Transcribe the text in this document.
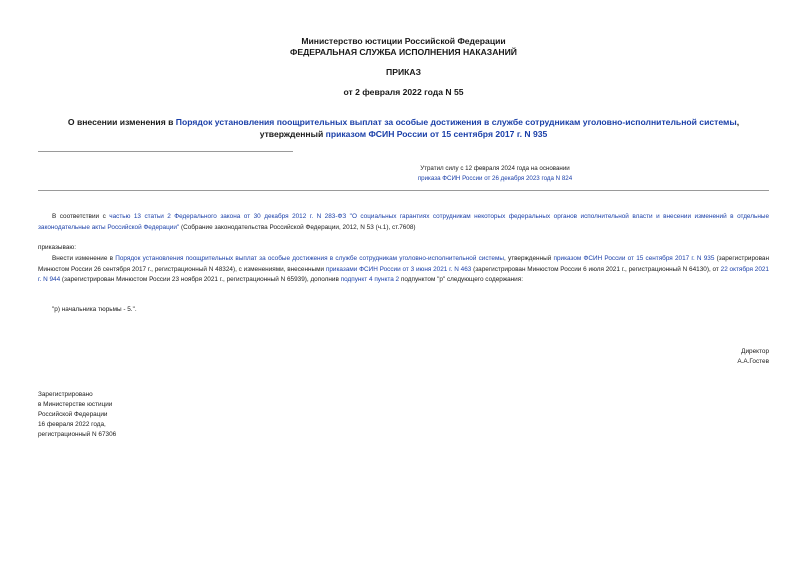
Министерство юстиции Российской Федерации
ФЕДЕРАЛЬНАЯ СЛУЖБА ИСПОЛНЕНИЯ НАКАЗАНИЙ
ПРИКАЗ
от 2 февраля 2022 года N 55
О внесении изменения в Порядок установления поощрительных выплат за особые достижения в службе сотрудникам уголовно-исполнительной системы, утвержденный приказом ФСИН России от 15 сентября 2017 г. N 935
Утратил силу с 12 февраля 2024 года на основании
приказа ФСИН России от 26 декабря 2023 года N 824
В соответствии с частью 13 статьи 2 Федерального закона от 30 декабря 2012 г. N 283-ФЗ "О социальных гарантиях сотрудникам некоторых федеральных органов исполнительной власти и внесении изменений в отдельные законодательные акты Российской Федерации" (Собрание законодательства Российской Федерации, 2012, N 53 (ч.1), ст.7608)
приказываю:
Внести изменение в Порядок установления поощрительных выплат за особые достижения в службе сотрудникам уголовно-исполнительной системы, утвержденный приказом ФСИН России от 15 сентября 2017 г. N 935 (зарегистрирован Минюстом России 26 сентября 2017 г., регистрационный N 48324), с изменениями, внесенными приказами ФСИН России от 3 июня 2021 г. N 463 (зарегистрирован Минюстом России 6 июля 2021 г., регистрационный N 64130), от 22 октября 2021 г. N 944 (зарегистрирован Минюстом России 23 ноября 2021 г., регистрационный N 65939), дополнив подпункт 4 пункта 2 подпунктом "р" следующего содержания:
"р) начальника тюрьмы - 5.".
Директор
А.А.Гостев
Зарегистрировано
в Министерстве юстиции
Российской Федерации
16 февраля 2022 года,
регистрационный N 67306
